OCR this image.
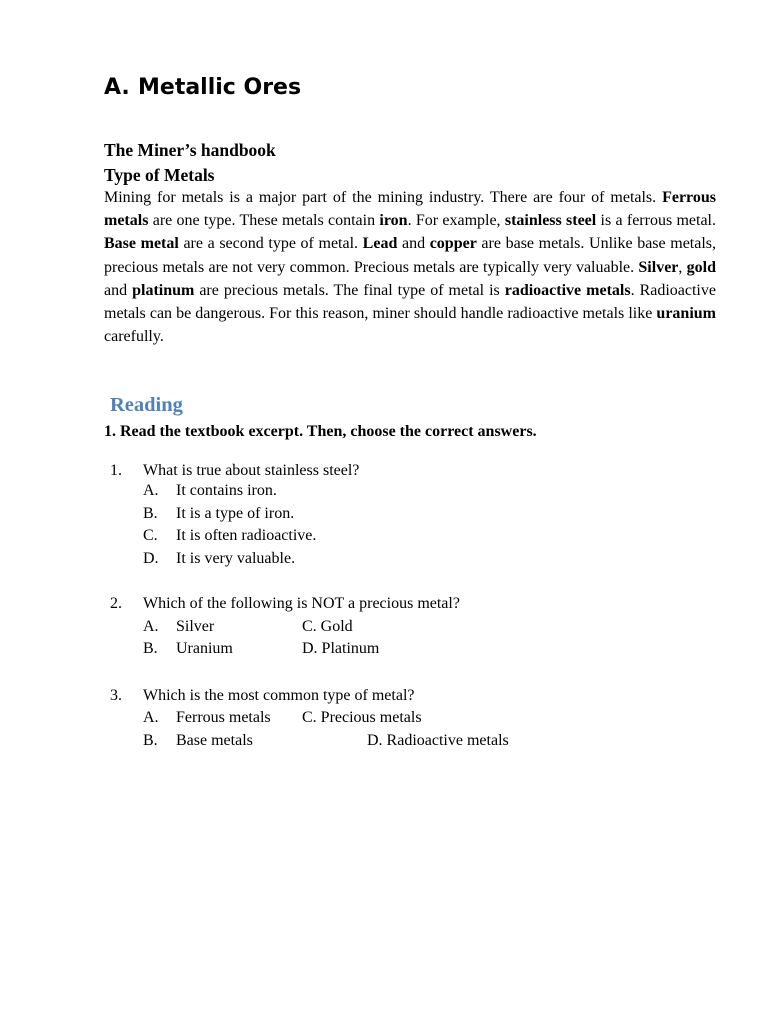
A. Metallic Ores
The Miner’s handbook
Type of Metals

Mining for metals is a major part of the mining industry. There are four of metals. Ferrous metals are one type. These metals contain iron. For example, stainless steel is a ferrous metal. Base metal are a second type of metal. Lead and copper are base metals. Unlike base metals, precious metals are not very common. Precious metals are typically very valuable. Silver, gold and platinum are precious metals. The final type of metal is radioactive metals. Radioactive metals can be dangerous. For this reason, miner should handle radioactive metals like uranium carefully.

Reading
1. Read the textbook excerpt. Then, choose the correct answers.
1. What is true about stainless steel?
A. It contains iron.
B. It is a type of iron.
C. It is often radioactive.
D. It is very valuable.
2. Which of the following is NOT a precious metal?
A. Silver	C. Gold
B. Uranium	D. Platinum
3. Which is the most common type of metal?
A. Ferrous metals C. Precious metals
B. Base metals	D. Radioactive metals
